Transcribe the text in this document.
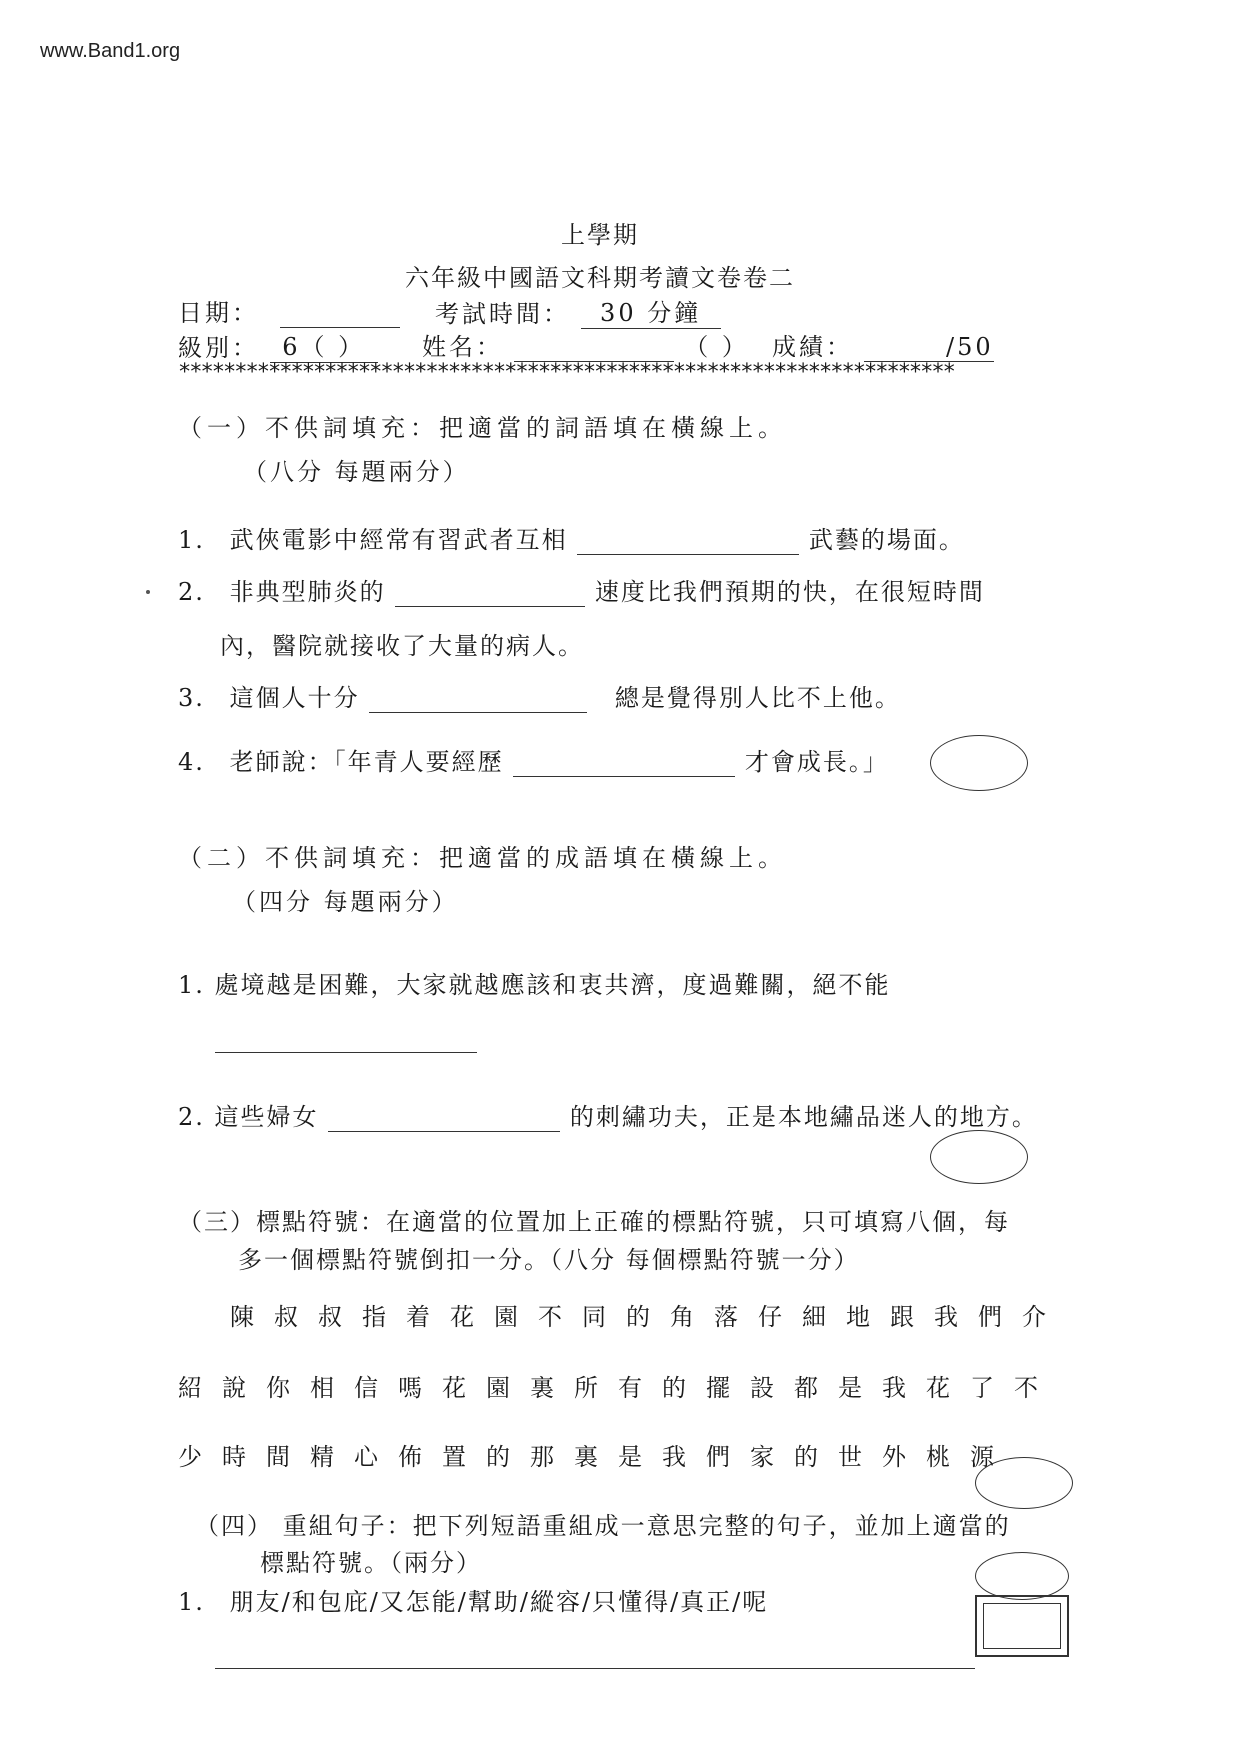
www.Band1.org
上學期
六年級中國語文科期考讀文卷卷二
日期：	考試時間： 30 分鐘
級別： 6（ ）	姓名：	（ ） 成績：	/50
*********************************************************************
（一）不供詞填充：把適當的詞語填在橫線上。
（八分 每題兩分）
1. 武俠電影中經常有習武者互相	武藝的場面。
2. 非典型肺炎的	速度比我們預期的快，在很短時間
內，醫院就接收了大量的病人。
3. 這個人十分	總是覺得別人比不上他。
4. 老師說：「年青人要經歷	才會成長。」
（二）不供詞填充：把適當的成語填在橫線上。
（四分 每題兩分）
1. 處境越是困難，大家就越應該和衷共濟，度過難關，絕不能
2. 這些婦女	的刺繡功夫，正是本地繡品迷人的地方。
（三）標點符號：在適當的位置加上正確的標點符號，只可填寫八個，每
多一個標點符號倒扣一分。（八分 每個標點符號一分）
陳叔叔指着花園不同的角落仔細地跟我們介
紹說你相信嗎花園裏所有的擺設都是我花了不
少時間精心佈置的那裏是我們家的世外桃源
（四） 重組句子：把下列短語重組成一意思完整的句子，並加上適當的
標點符號。（兩分）
1. 朋友/和包庇/又怎能/幫助/縱容/只懂得/真正/呢
